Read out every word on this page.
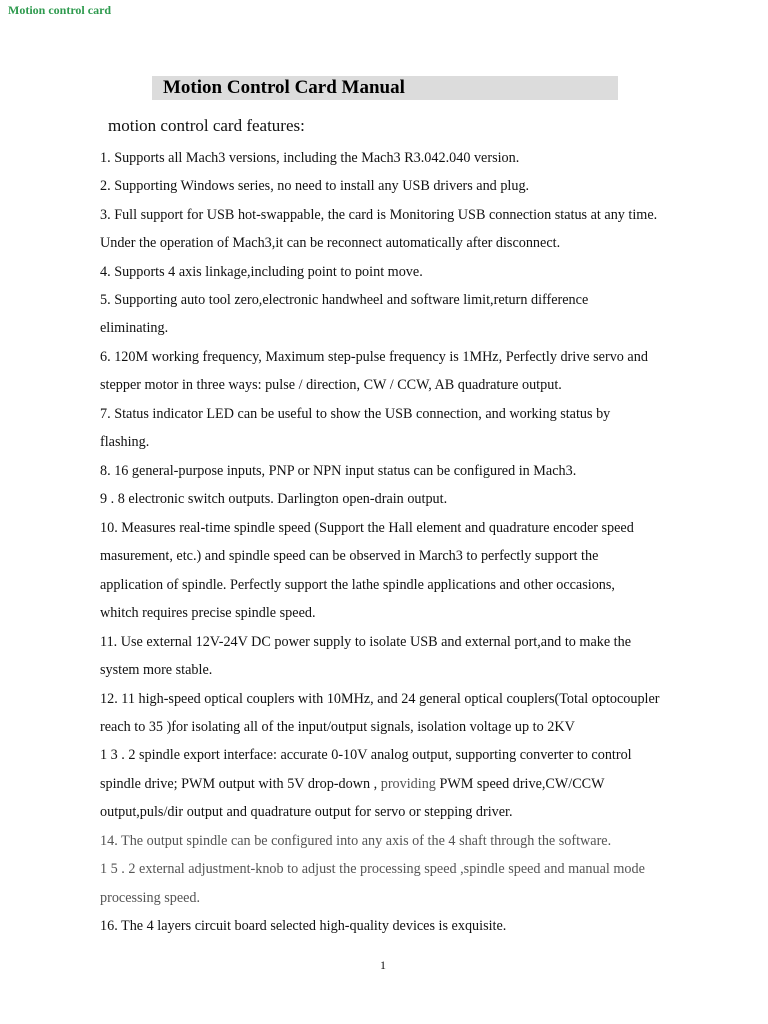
Motion control card
Motion Control Card Manual
motion control card features:
1. Supports all Mach3 versions, including the Mach3 R3.042.040 version.
2. Supporting Windows series, no need to install any USB drivers and plug.
3. Full support for USB hot-swappable, the card is Monitoring USB connection status at any time.
Under the operation of Mach3,it can be reconnect automatically after disconnect.
4. Supports 4 axis linkage,including point to point move.
5. Supporting auto tool zero,electronic handwheel and software limit,return difference
eliminating.
6. 120M working frequency, Maximum step-pulse frequency is 1MHz, Perfectly drive servo and
stepper motor in three ways: pulse / direction, CW / CCW, AB quadrature output.
7. Status indicator LED can be useful to show the USB connection, and working status by
flashing.
8. 16 general-purpose inputs, PNP or NPN input status can be configured in Mach3.
9 . 8 electronic switch outputs. Darlington open-drain output.
10. Measures real-time spindle speed (Support the Hall element and quadrature encoder speed
masurement, etc.) and spindle speed can be observed in March3 to perfectly support the
application of spindle. Perfectly support the lathe spindle applications and other occasions,
whitch requires precise spindle speed.
11. Use external 12V-24V DC power supply to isolate USB and external port,and to make the
system more stable.
12. 11 high-speed optical couplers with 10MHz, and 24 general optical couplers(Total optocoupler
reach to 35 )for isolating all of the input/output signals, isolation voltage up to 2KV
1 3 . 2 spindle export interface: accurate 0-10V analog output, supporting converter to control
spindle drive; PWM output with 5V drop-down , providing PWM speed drive,CW/CCW
output,puls/dir output and quadrature output for servo or stepping driver.
14. The output spindle can be configured into any axis of the 4 shaft through the software.
1 5 . 2 external adjustment-knob to adjust the processing speed ,spindle speed and manual mode
processing speed.
16. The 4 layers circuit board selected high-quality devices is exquisite.
1
